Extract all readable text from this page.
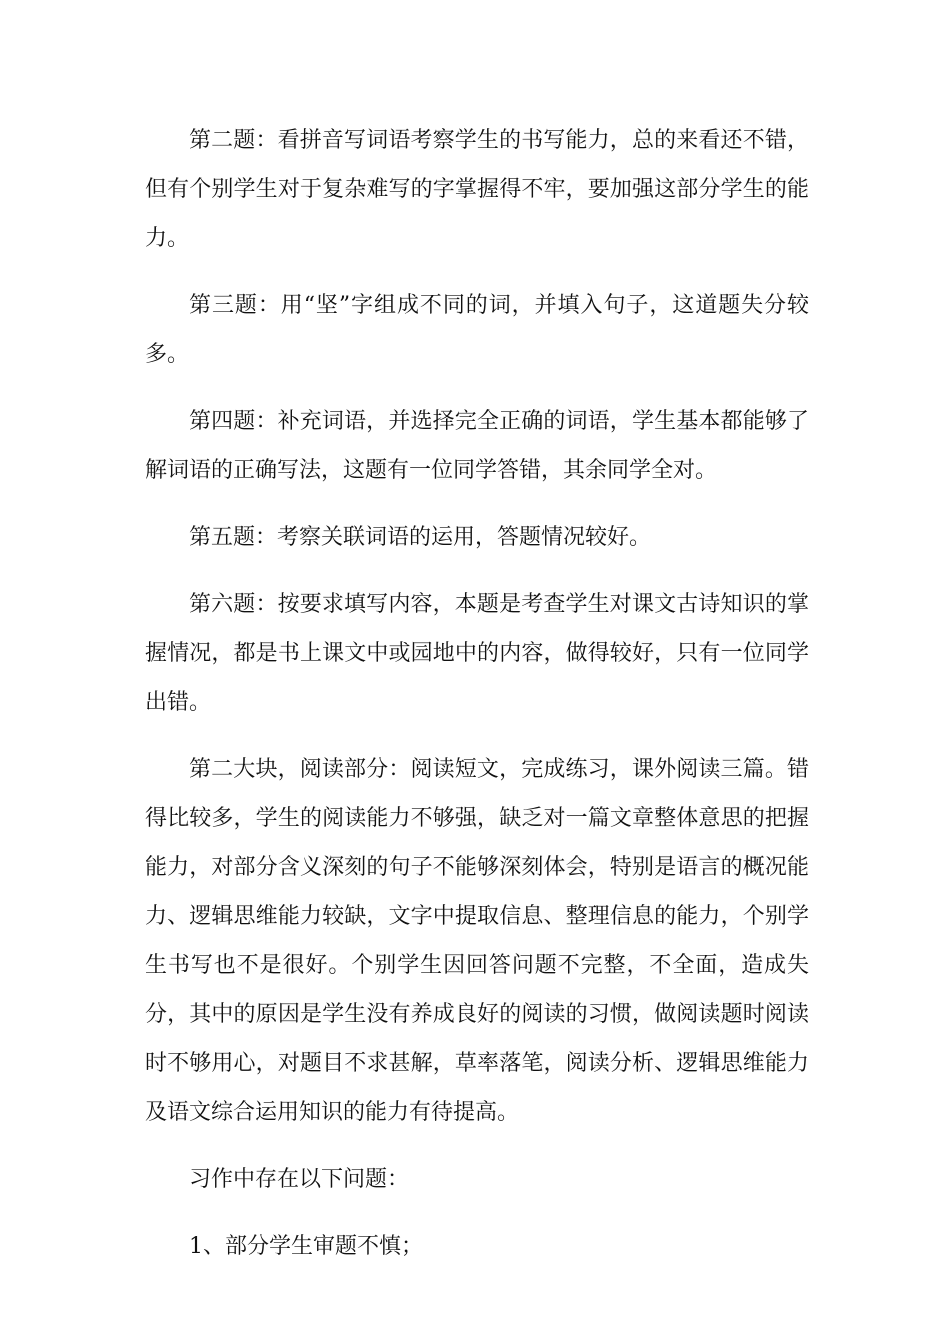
第二题：看拼音写词语考察学生的书写能力，总的来看还不错，但有个别学生对于复杂难写的字掌握得不牢，要加强这部分学生的能力。

第三题：用“坚”字组成不同的词，并填入句子，这道题失分较多。

第四题：补充词语，并选择完全正确的词语，学生基本都能够了解词语的正确写法，这题有一位同学答错，其余同学全对。

第五题：考察关联词语的运用，答题情况较好。

第六题：按要求填写内容，本题是考查学生对课文古诗知识的掌握情况，都是书上课文中或园地中的内容，做得较好，只有一位同学出错。

第二大块，阅读部分：阅读短文，完成练习，课外阅读三篇。错得比较多，学生的阅读能力不够强，缺乏对一篇文章整体意思的把握能力，对部分含义深刻的句子不能够深刻体会，特别是语言的概况能力、逻辑思维能力较缺，文字中提取信息、整理信息的能力，个别学生书写也不是很好。个别学生因回答问题不完整，不全面，造成失分，其中的原因是学生没有养成良好的阅读的习惯，做阅读题时阅读时不够用心，对题目不求甚解，草率落笔，阅读分析、逻辑思维能力及语文综合运用知识的能力有待提高。

习作中存在以下问题：

1、部分学生审题不慎；
